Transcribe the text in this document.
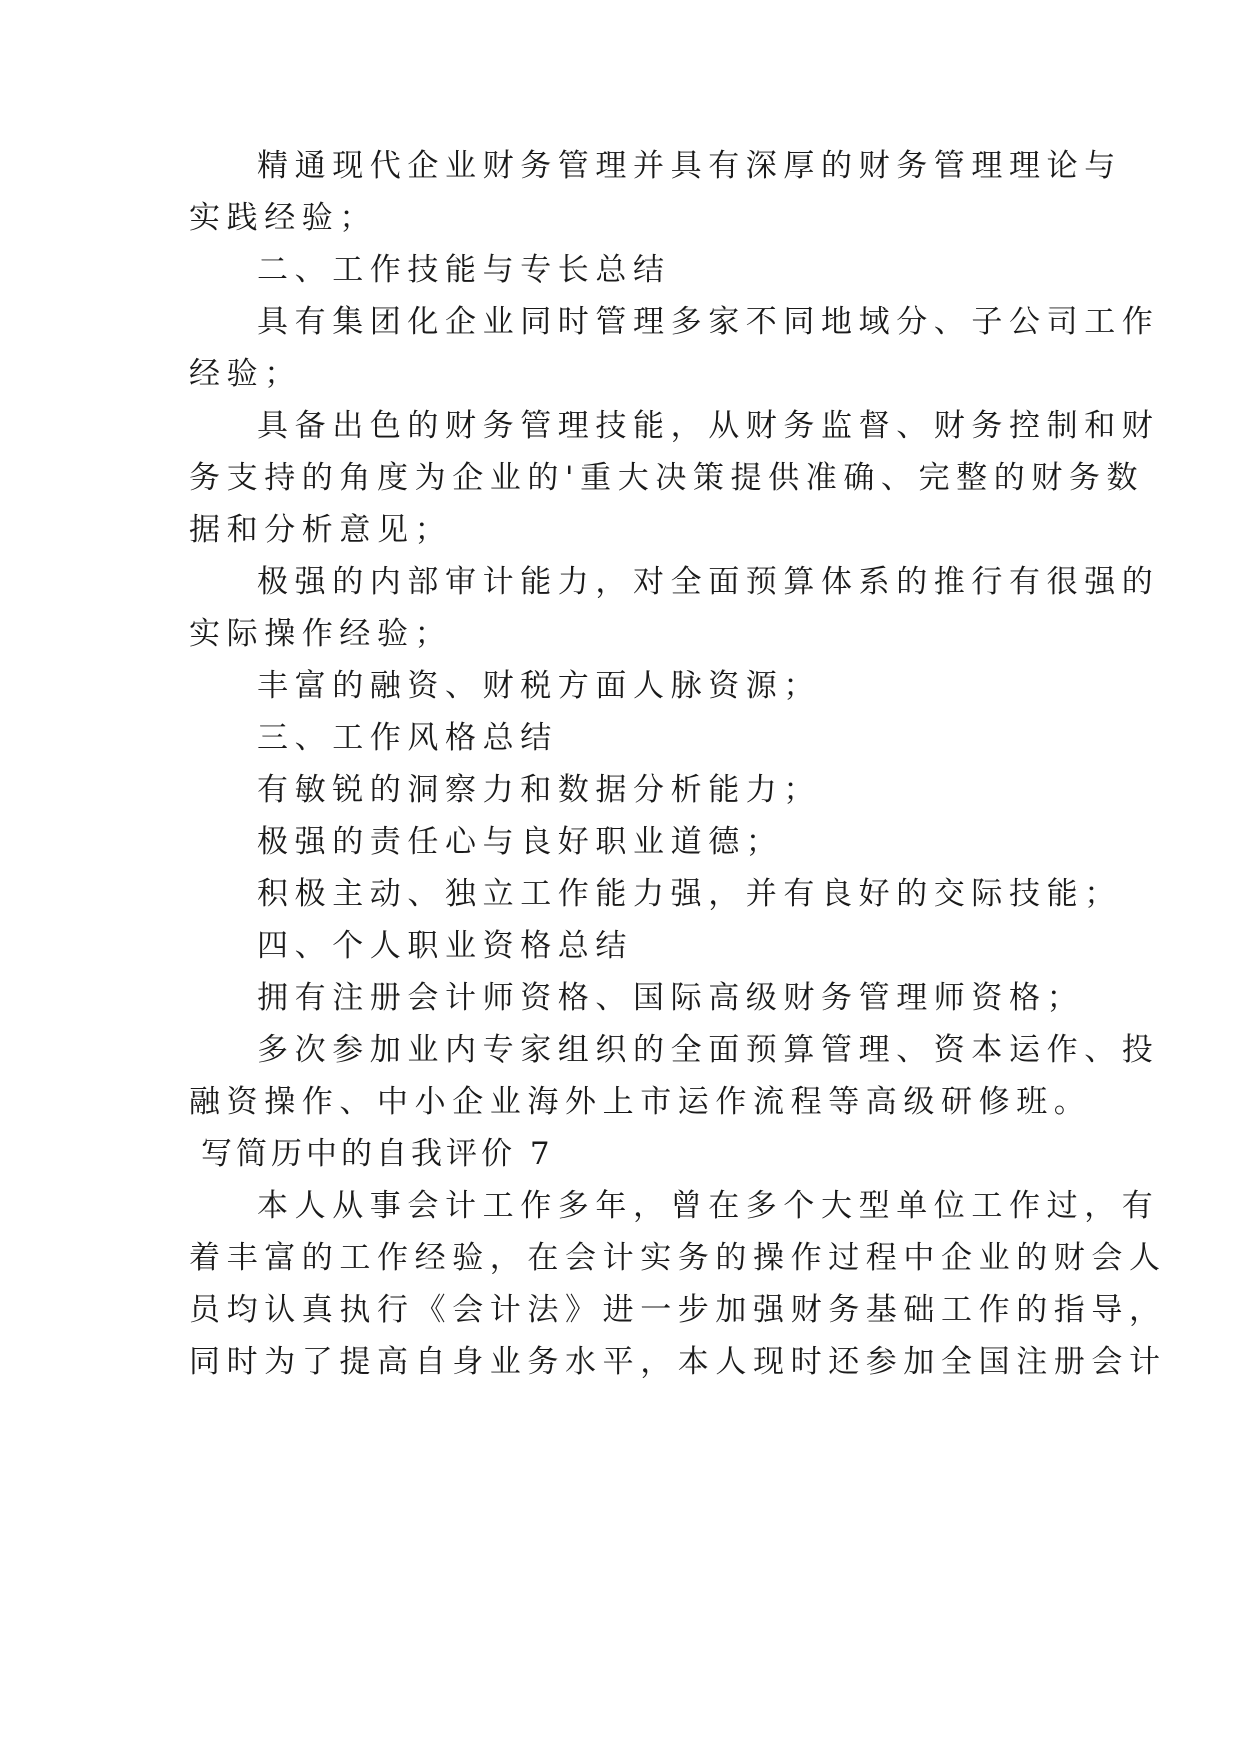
精通现代企业财务管理并具有深厚的财务管理理论与
实践经验；
二、工作技能与专长总结
具有集团化企业同时管理多家不同地域分、子公司工作
经验；
具备出色的财务管理技能，从财务监督、财务控制和财
务支持的角度为企业的'重大决策提供准确、完整的财务数
据和分析意见；
极强的内部审计能力，对全面预算体系的推行有很强的
实际操作经验；
丰富的融资、财税方面人脉资源；
三、工作风格总结
有敏锐的洞察力和数据分析能力；
极强的责任心与良好职业道德；
积极主动、独立工作能力强，并有良好的交际技能；
四、个人职业资格总结
拥有注册会计师资格、国际高级财务管理师资格；
多次参加业内专家组织的全面预算管理、资本运作、投
融资操作、中小企业海外上市运作流程等高级研修班。
写简历中的自我评价 7
本人从事会计工作多年，曾在多个大型单位工作过，有
着丰富的工作经验，在会计实务的操作过程中企业的财会人
员均认真执行《会计法》进一步加强财务基础工作的指导，
同时为了提高自身业务水平，本人现时还参加全国注册会计
